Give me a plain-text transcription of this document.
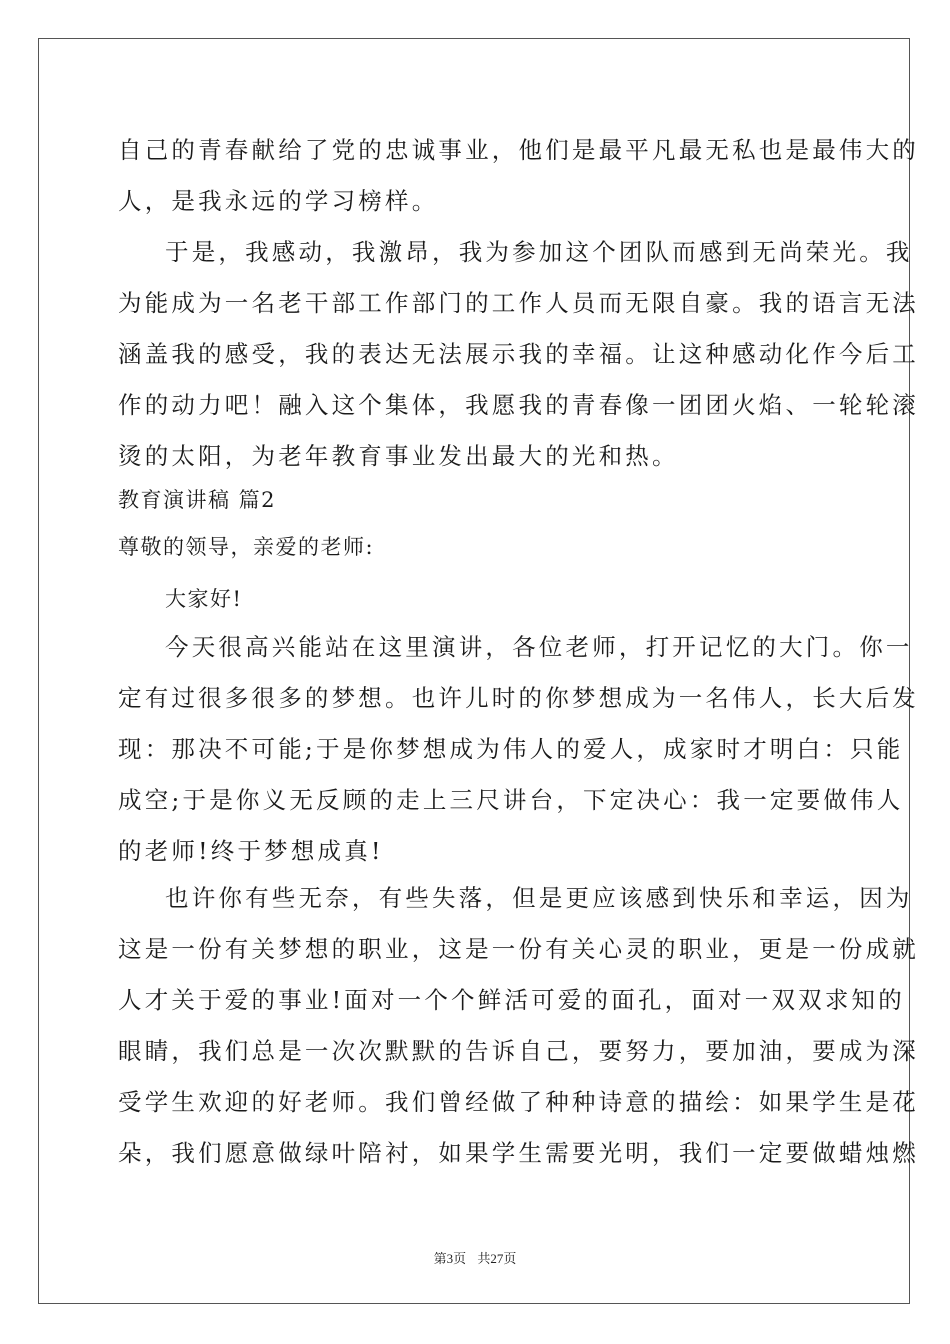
自己的青春献给了党的忠诚事业，他们是最平凡最无私也是最伟大的
人，是我永远的学习榜样。
于是，我感动，我激昂，我为参加这个团队而感到无尚荣光。我
为能成为一名老干部工作部门的工作人员而无限自豪。我的语言无法
涵盖我的感受，我的表达无法展示我的幸福。让这种感动化作今后工
作的动力吧！融入这个集体，我愿我的青春像一团团火焰、一轮轮滚
烫的太阳，为老年教育事业发出最大的光和热。
教育演讲稿 篇2
尊敬的领导，亲爱的老师:
大家好!
今天很高兴能站在这里演讲，各位老师，打开记忆的大门。你一
定有过很多很多的梦想。也许儿时的你梦想成为一名伟人，长大后发
现：那决不可能;于是你梦想成为伟人的爱人，成家时才明白：只能
成空;于是你义无反顾的走上三尺讲台，下定决心：我一定要做伟人
的老师!终于梦想成真!
也许你有些无奈，有些失落，但是更应该感到快乐和幸运，因为
这是一份有关梦想的职业，这是一份有关心灵的职业，更是一份成就
人才关于爱的事业!面对一个个鲜活可爱的面孔，面对一双双求知的
眼睛，我们总是一次次默默的告诉自己，要努力，要加油，要成为深
受学生欢迎的好老师。我们曾经做了种种诗意的描绘：如果学生是花
朵，我们愿意做绿叶陪衬，如果学生需要光明，我们一定要做蜡烛燃
第3页 共27页
